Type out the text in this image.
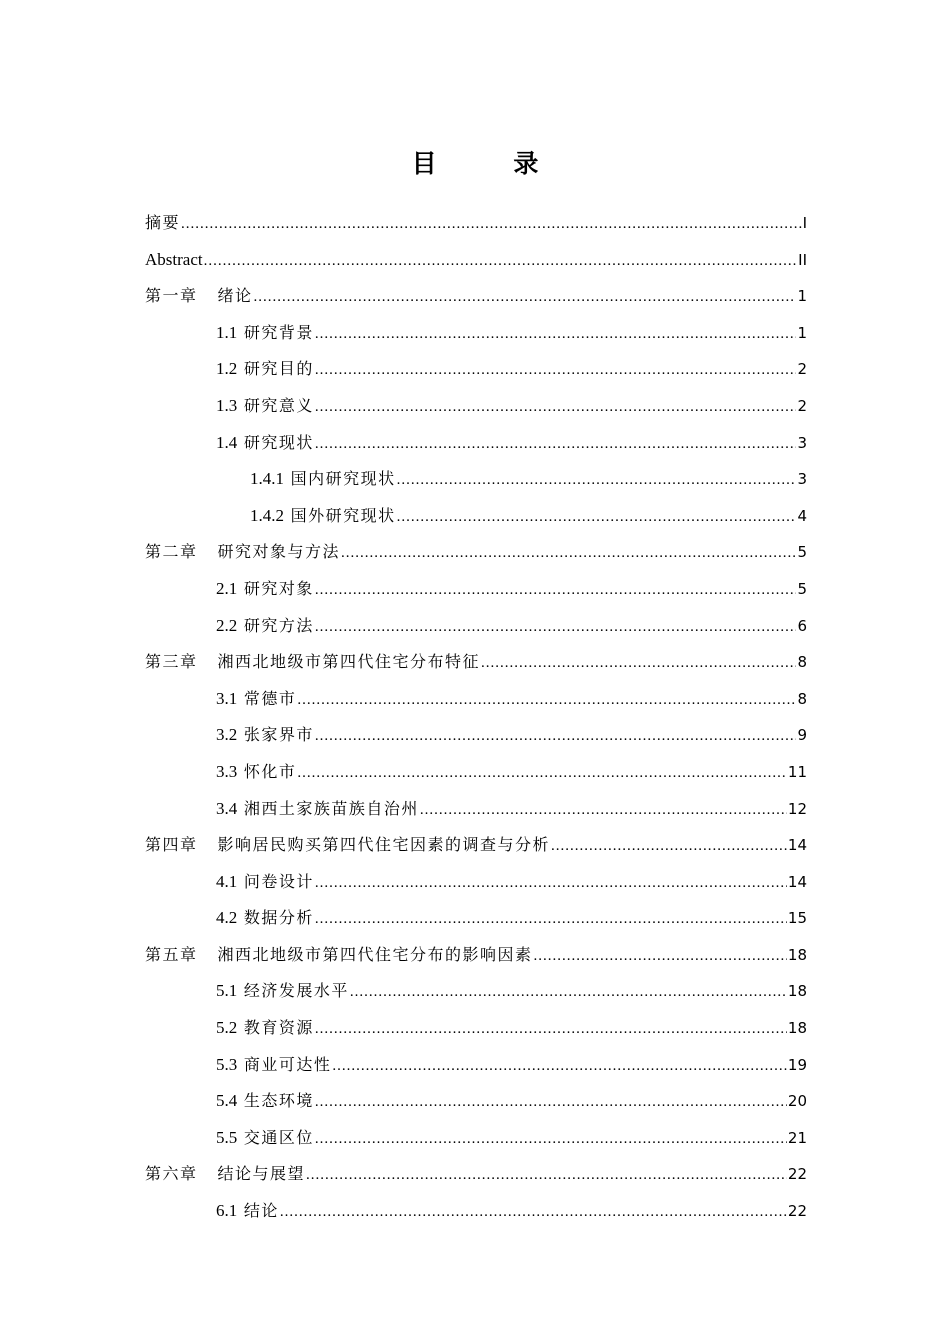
目 录
摘要 .....	I
Abstract .....	II
第一章 绪论 .....	1
1.1 研究背景 .....	1
1.2 研究目的 .....	2
1.3 研究意义 .....	2
1.4 研究现状 .....	3
1.4.1 国内研究现状 .....	3
1.4.2 国外研究现状 .....	4
第二章 研究对象与方法 .....	5
2.1 研究对象 .....	5
2.2 研究方法 .....	6
第三章 湘西北地级市第四代住宅分布特征 .....	8
3.1 常德市 .....	8
3.2 张家界市 .....	9
3.3 怀化市 .....	11
3.4 湘西土家族苗族自治州 .....	12
第四章 影响居民购买第四代住宅因素的调查与分析 .....	14
4.1 问卷设计 .....	14
4.2 数据分析 .....	15
第五章 湘西北地级市第四代住宅分布的影响因素 .....	18
5.1 经济发展水平 .....	18
5.2 教育资源 .....	18
5.3 商业可达性 .....	19
5.4 生态环境 .....	20
5.5 交通区位 .....	21
第六章 结论与展望 .....	22
6.1 结论 .....	22
